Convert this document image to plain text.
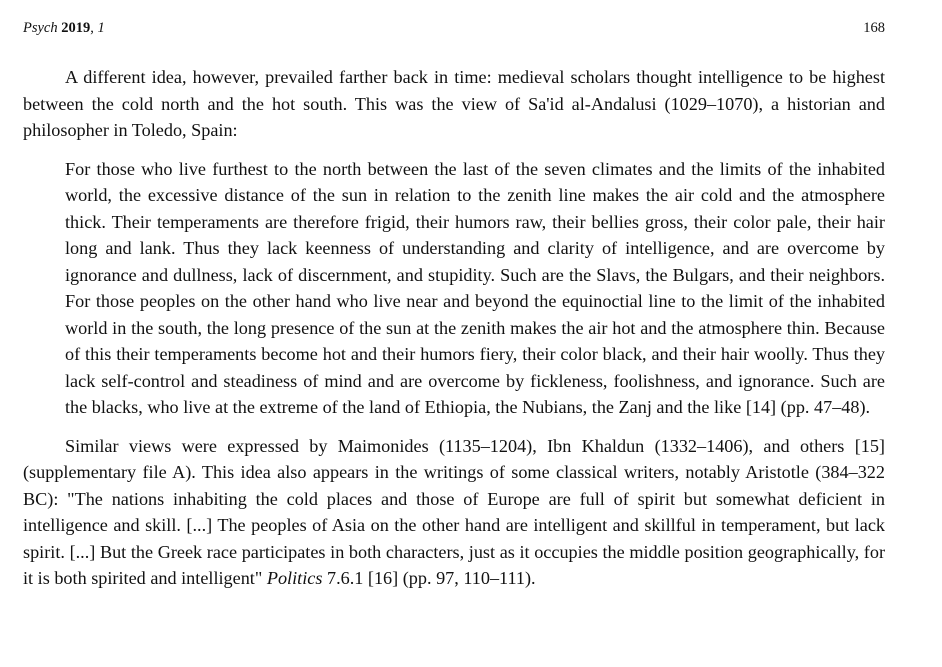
Psych 2019, 1	168

A different idea, however, prevailed farther back in time: medieval scholars thought intelligence to be highest between the cold north and the hot south. This was the view of Sa'id al-Andalusi (1029–1070), a historian and philosopher in Toledo, Spain:

For those who live furthest to the north between the last of the seven climates and the limits of the inhabited world, the excessive distance of the sun in relation to the zenith line makes the air cold and the atmosphere thick. Their temperaments are therefore frigid, their humors raw, their bellies gross, their color pale, their hair long and lank. Thus they lack keenness of understanding and clarity of intelligence, and are overcome by ignorance and dullness, lack of discernment, and stupidity. Such are the Slavs, the Bulgars, and their neighbors. For those peoples on the other hand who live near and beyond the equinoctial line to the limit of the inhabited world in the south, the long presence of the sun at the zenith makes the air hot and the atmosphere thin. Because of this their temperaments become hot and their humors fiery, their color black, and their hair woolly. Thus they lack self-control and steadiness of mind and are overcome by fickleness, foolishness, and ignorance. Such are the blacks, who live at the extreme of the land of Ethiopia, the Nubians, the Zanj and the like [14] (pp. 47–48).

Similar views were expressed by Maimonides (1135–1204), Ibn Khaldun (1332–1406), and others [15] (supplementary file A). This idea also appears in the writings of some classical writers, notably Aristotle (384–322 BC): "The nations inhabiting the cold places and those of Europe are full of spirit but somewhat deficient in intelligence and skill. [...] The peoples of Asia on the other hand are intelligent and skillful in temperament, but lack spirit. [...] But the Greek race participates in both characters, just as it occupies the middle position geographically, for it is both spirited and intelligent" Politics 7.6.1 [16] (pp. 97, 110–111).
